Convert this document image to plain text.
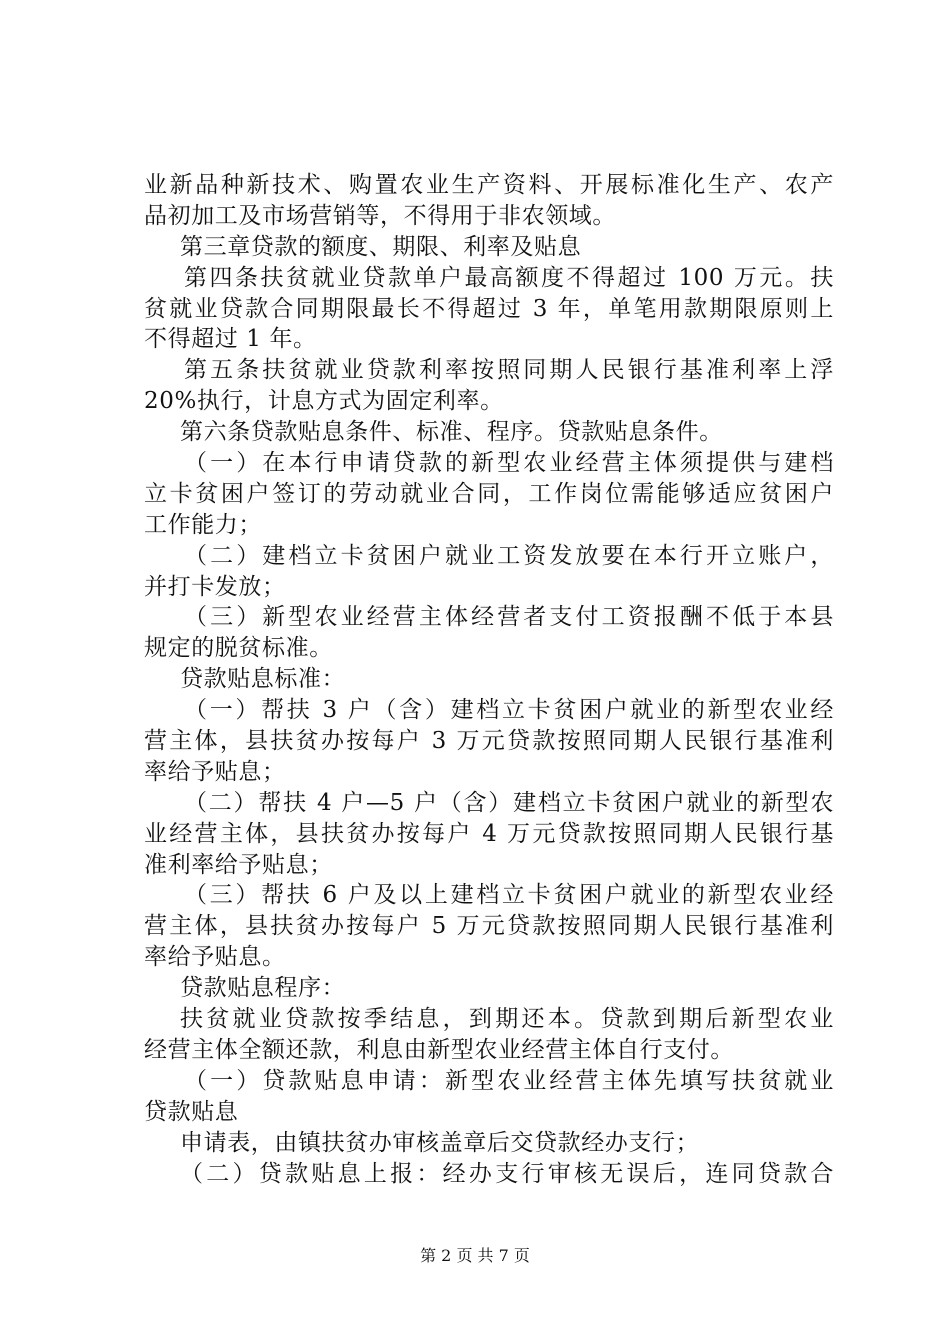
业新品种新技术、购置农业生产资料、开展标准化生产、农产
品初加工及市场营销等，不得用于非农领域。
第三章贷款的额度、期限、利率及贴息
第四条扶贫就业贷款单户最高额度不得超过 100 万元。扶
贫就业贷款合同期限最长不得超过 3 年，单笔用款期限原则上
不得超过 1 年。
第五条扶贫就业贷款利率按照同期人民银行基准利率上浮
20%执行，计息方式为固定利率。
第六条贷款贴息条件、标准、程序。贷款贴息条件。
（一）在本行申请贷款的新型农业经营主体须提供与建档
立卡贫困户签订的劳动就业合同，工作岗位需能够适应贫困户
工作能力；
（二）建档立卡贫困户就业工资发放要在本行开立账户，
并打卡发放；
（三）新型农业经营主体经营者支付工资报酬不低于本县
规定的脱贫标准。
贷款贴息标准：
（一）帮扶 3 户（含）建档立卡贫困户就业的新型农业经
营主体，县扶贫办按每户 3 万元贷款按照同期人民银行基准利
率给予贴息；
（二）帮扶 4 户—5 户（含）建档立卡贫困户就业的新型农
业经营主体，县扶贫办按每户 4 万元贷款按照同期人民银行基
准利率给予贴息；
（三）帮扶 6 户及以上建档立卡贫困户就业的新型农业经
营主体，县扶贫办按每户 5 万元贷款按照同期人民银行基准利
率给予贴息。
贷款贴息程序：
扶贫就业贷款按季结息，到期还本。贷款到期后新型农业
经营主体全额还款，利息由新型农业经营主体自行支付。
（一）贷款贴息申请：新型农业经营主体先填写扶贫就业
贷款贴息
申请表，由镇扶贫办审核盖章后交贷款经办支行；
（二）贷款贴息上报：经办支行审核无误后，连同贷款合
第 2 页 共 7 页
